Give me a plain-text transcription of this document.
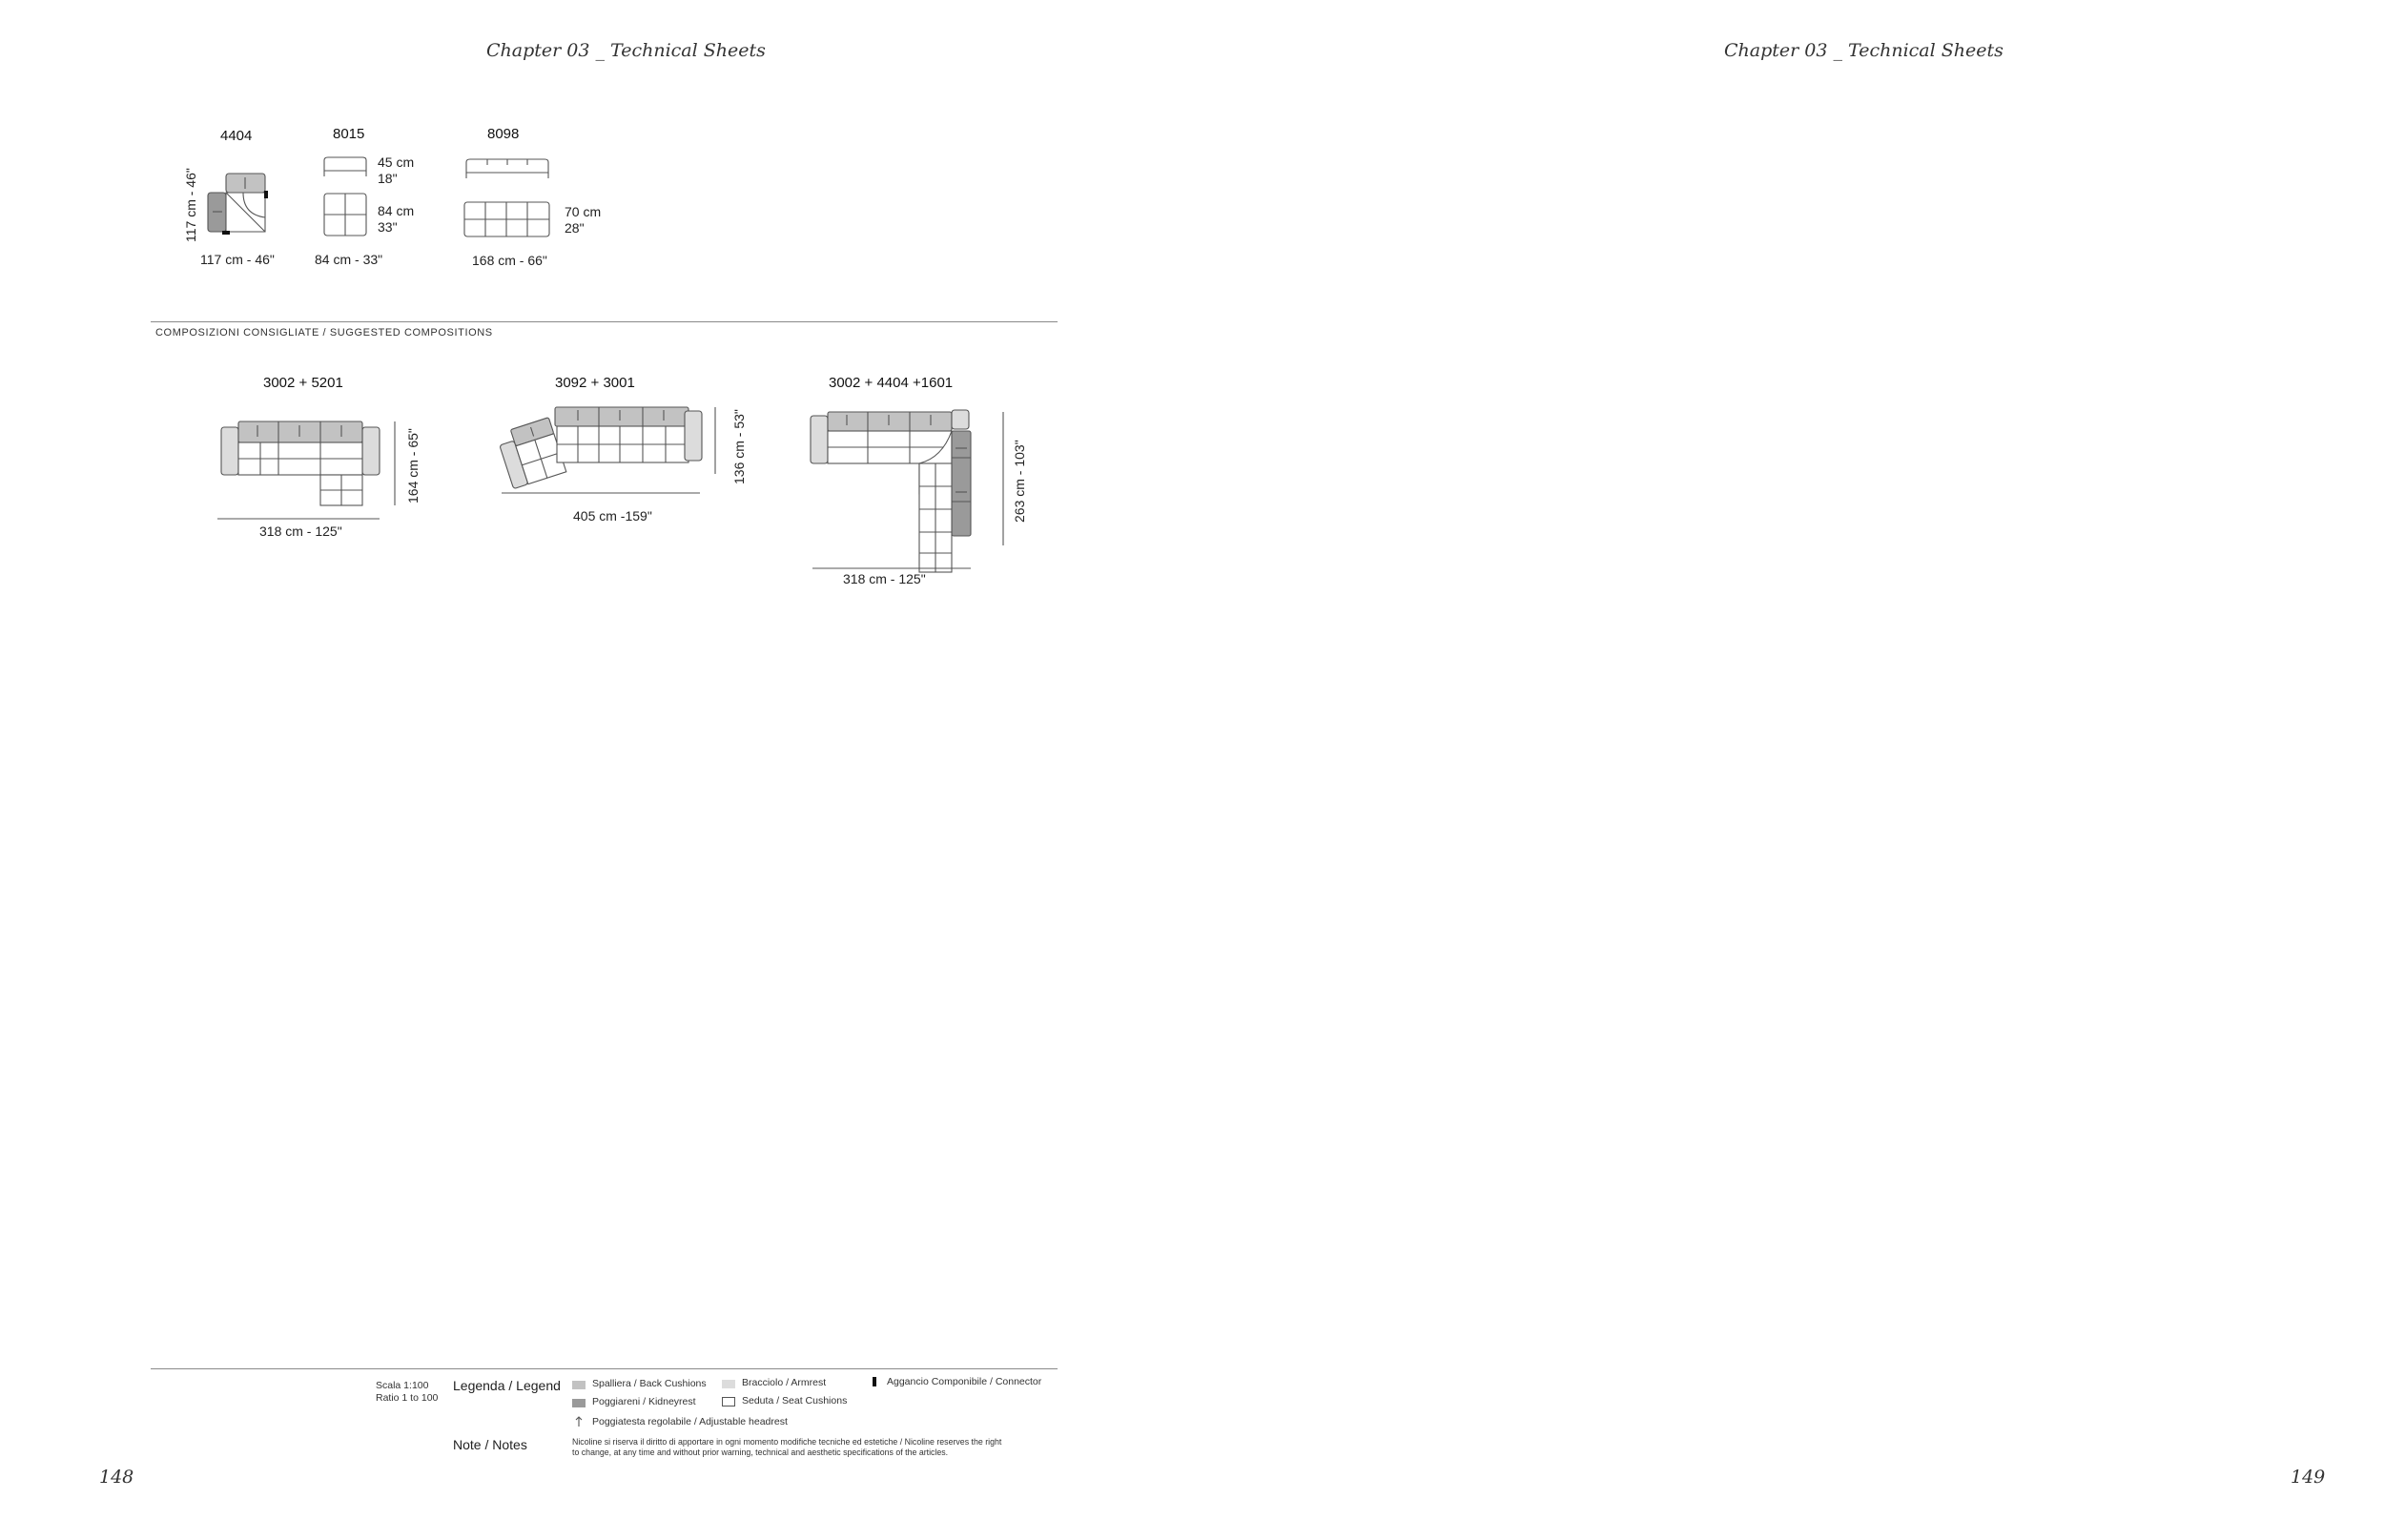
Chapter 03 _ Technical Sheets	Chapter 03 _ Technical Sheets
4404
117 cm - 46"
117 cm - 46"
8015
45 cm
18"
84 cm
33"
84 cm - 33"
8098
70 cm
28"
168 cm - 66"
COMPOSIZIONI CONSIGLIATE / SUGGESTED COMPOSITIONS
3002 + 5201
318 cm - 125"
164 cm - 65"
3092 + 3001
405 cm -159"
136 cm - 53"
3002 + 4404 +1601
318 cm - 125"
263 cm - 103"
Scala 1:100
Ratio 1 to 100
Legenda / Legend	Spalliera / Back Cushions	Bracciolo / Armrest	Aggancio Componibile / Connector
Poggiareni / Kidneyrest	Seduta / Seat Cushions
Poggiatesta regolabile / Adjustable headrest
Note / Notes	Nicoline si riserva il diritto di apportare in ogni momento modifiche tecniche ed estetiche / Nicoline reserves the right
to change, at any time and without prior warning, technical and aesthetic specifications of the articles.
148	149
